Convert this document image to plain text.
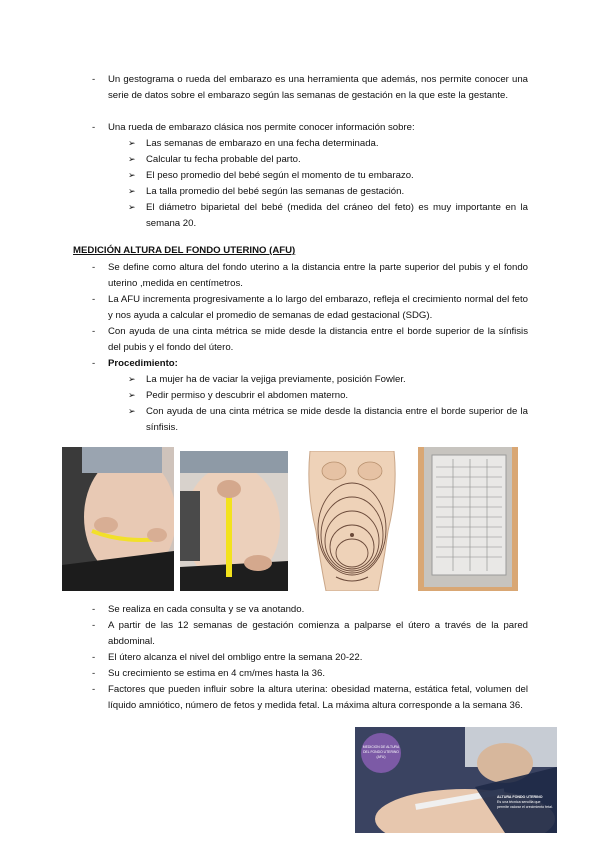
- Un gestograma o rueda del embarazo es una herramienta que además, nos permite conocer una serie de datos sobre el embarazo según las semanas de gestación en la que este la gestante.
- Una rueda de embarazo clásica nos permite conocer información sobre:
➢ Las semanas de embarazo en una fecha determinada.
➢ Calcular tu fecha probable del parto.
➢ El peso promedio del bebé según el momento de tu embarazo.
➢ La talla promedio del bebé según las semanas de gestación.
➢ El diámetro biparietal del bebé (medida del cráneo del feto) es muy importante en la semana 20.
MEDICIÓN ALTURA DEL FONDO UTERINO (AFU)
- Se define como altura del fondo uterino a la distancia entre la parte superior del pubis y el fondo uterino ,medida en centímetros.
- La AFU incrementa progresivamente a lo largo del embarazo, refleja el crecimiento normal del feto y nos ayuda a calcular el promedio de semanas de edad gestacional (SDG).
- Con ayuda de una cinta métrica se mide desde la distancia entre el borde superior de la sínfisis del pubis y el fondo del útero.
- Procedimiento:
➢ La mujer ha de vaciar la vejiga previamente, posición Fowler.
➢ Pedir permiso y descubrir el abdomen materno.
➢ Con ayuda de una cinta métrica se mide desde la distancia entre el borde superior de la sínfisis.
- Se realiza en cada consulta y se va anotando.
- A partir de las 12 semanas de gestación comienza a palparse el útero a través de la pared abdominal.
- El útero alcanza el nivel del ombligo entre la semana 20-22.
- Su crecimiento se estima en 4 cm/mes hasta la 36.
- Factores que pueden influir sobre la altura uterina: obesidad materna, estática fetal, volumen del líquido amniótico, número de fetos y medida fetal. La máxima altura corresponde a la semana 36.
MEDICION DE ALTURA
DEL FONDO UTERINO (AFU)
ALTURA FONDO UTERINO
Es una técnica sencilla que permite valorar el crecimiento fetal.
